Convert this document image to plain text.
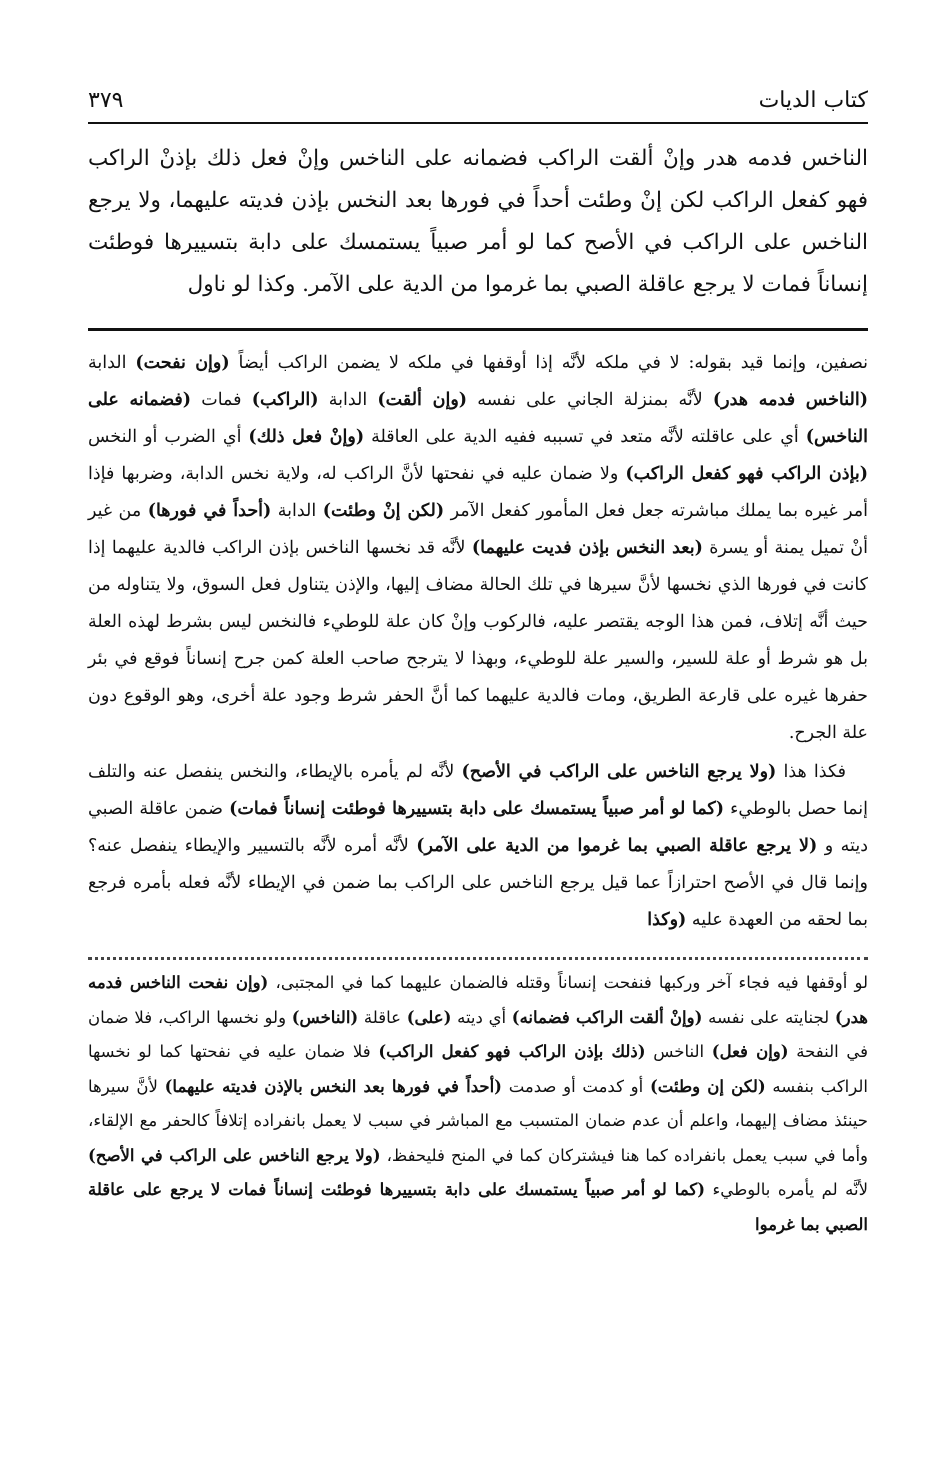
كتاب الديات
٣٧٩
الناخس فدمه هدر وإنْ ألقت الراكب فضمانه على الناخس وإنْ فعل ذلك بإذنْ الراكب فهو كفعل الراكب لكن إنْ وطئت أحداً في فورها بعد النخس بإذن فديته عليهما، ولا يرجع الناخس على الراكب في الأصح كما لو أمر صبياً يستمسك على دابة بتسييرها فوطئت إنساناً فمات لا يرجع عاقلة الصبي بما غرموا من الدية على الآمر. وكذا لو ناول

نصفين، وإنما قيد بقوله: لا في ملكه لأنَّه إذا أوقفها في ملكه لا يضمن الراكب أيضاً (وإن نفحت) الدابة (الناخس فدمه هدر) لأنَّه بمنزلة الجاني على نفسه (وإن ألقت) الدابة (الراكب) فمات (فضمانه على الناخس) أي على عاقلته لأنَّه متعد في تسببه ففيه الدية على العاقلة (وإنْ فعل ذلك) أي الضرب أو النخس (بإذن الراكب فهو كفعل الراكب) ولا ضمان عليه في نفحتها لأنَّ الراكب له، ولاية نخس الدابة، وضربها فإذا أمر غيره بما يملك مباشرته جعل فعل المأمور كفعل الآمر (لكن إنْ وطئت) الدابة (أحداً في فورها) من غير أنْ تميل يمنة أو يسرة (بعد النخس بإذن فديت عليهما) لأنَّه قد نخسها الناخس بإذن الراكب فالدية عليهما إذا كانت في فورها الذي نخسها لأنَّ سيرها في تلك الحالة مضاف إليها، والإذن يتناول فعل السوق، ولا يتناوله من حيث أنَّه إتلاف، فمن هذا الوجه يقتصر عليه، فالركوب وإنْ كان علة للوطيء فالنخس ليس بشرط لهذه العلة بل هو شرط أو علة للسير، والسير علة للوطيء، وبهذا لا يترجح صاحب العلة كمن جرح إنساناً فوقع في بئر حفرها غيره على قارعة الطريق، ومات فالدية عليهما كما أنَّ الحفر شرط وجود علة أخرى، وهو الوقوع دون علة الجرح.

فكذا هذا (ولا يرجع الناخس على الراكب في الأصح) لأنَّه لم يأمره بالإيطاء، والنخس ينفصل عنه والتلف إنما حصل بالوطيء (كما لو أمر صبياً يستمسك على دابة بتسييرها فوطئت إنساناً فمات) ضمن عاقلة الصبي ديته و (لا يرجع عاقلة الصبي بما غرموا من الدية على الآمر) لأنَّه أمره لأنَّه بالتسيير والإيطاء ينفصل عنه؟ وإنما قال في الأصح احترازاً عما قيل يرجع الناخس على الراكب بما ضمن في الإيطاء لأنَّه فعله بأمره فرجع بما لحقه من العهدة عليه (وكذا

لو أوقفها فيه فجاء آخر وركبها فنفحت إنساناً وقتله فالضمان عليهما كما في المجتبى، (وإن نفحت الناخس فدمه هدر) لجنايته على نفسه (وإنْ ألقت الراكب فضمانه) أي ديته (على) عاقلة (الناخس) ولو نخسها الراكب، فلا ضمان في النفحة (وإن فعل) الناخس (ذلك بإذن الراكب فهو كفعل الراكب) فلا ضمان عليه في نفحتها كما لو نخسها الراكب بنفسه (لكن إن وطئت) أو كدمت أو صدمت (أحداً في فورها بعد النخس بالإذن فديته عليهما) لأنَّ سيرها حينئذ مضاف إليهما، واعلم أن عدم ضمان المتسبب مع المباشر في سبب لا يعمل بانفراده إتلافاً كالحفر مع الإلقاء، وأما في سبب يعمل بانفراده كما هنا فيشتركان كما في المنح فليحفظ، (ولا يرجع الناخس على الراكب في الأصح) لأنَّه لم يأمره بالوطيء (كما لو أمر صبياً يستمسك على دابة بتسييرها فوطئت إنساناً فمات لا يرجع على عاقلة الصبي بما غرموا
